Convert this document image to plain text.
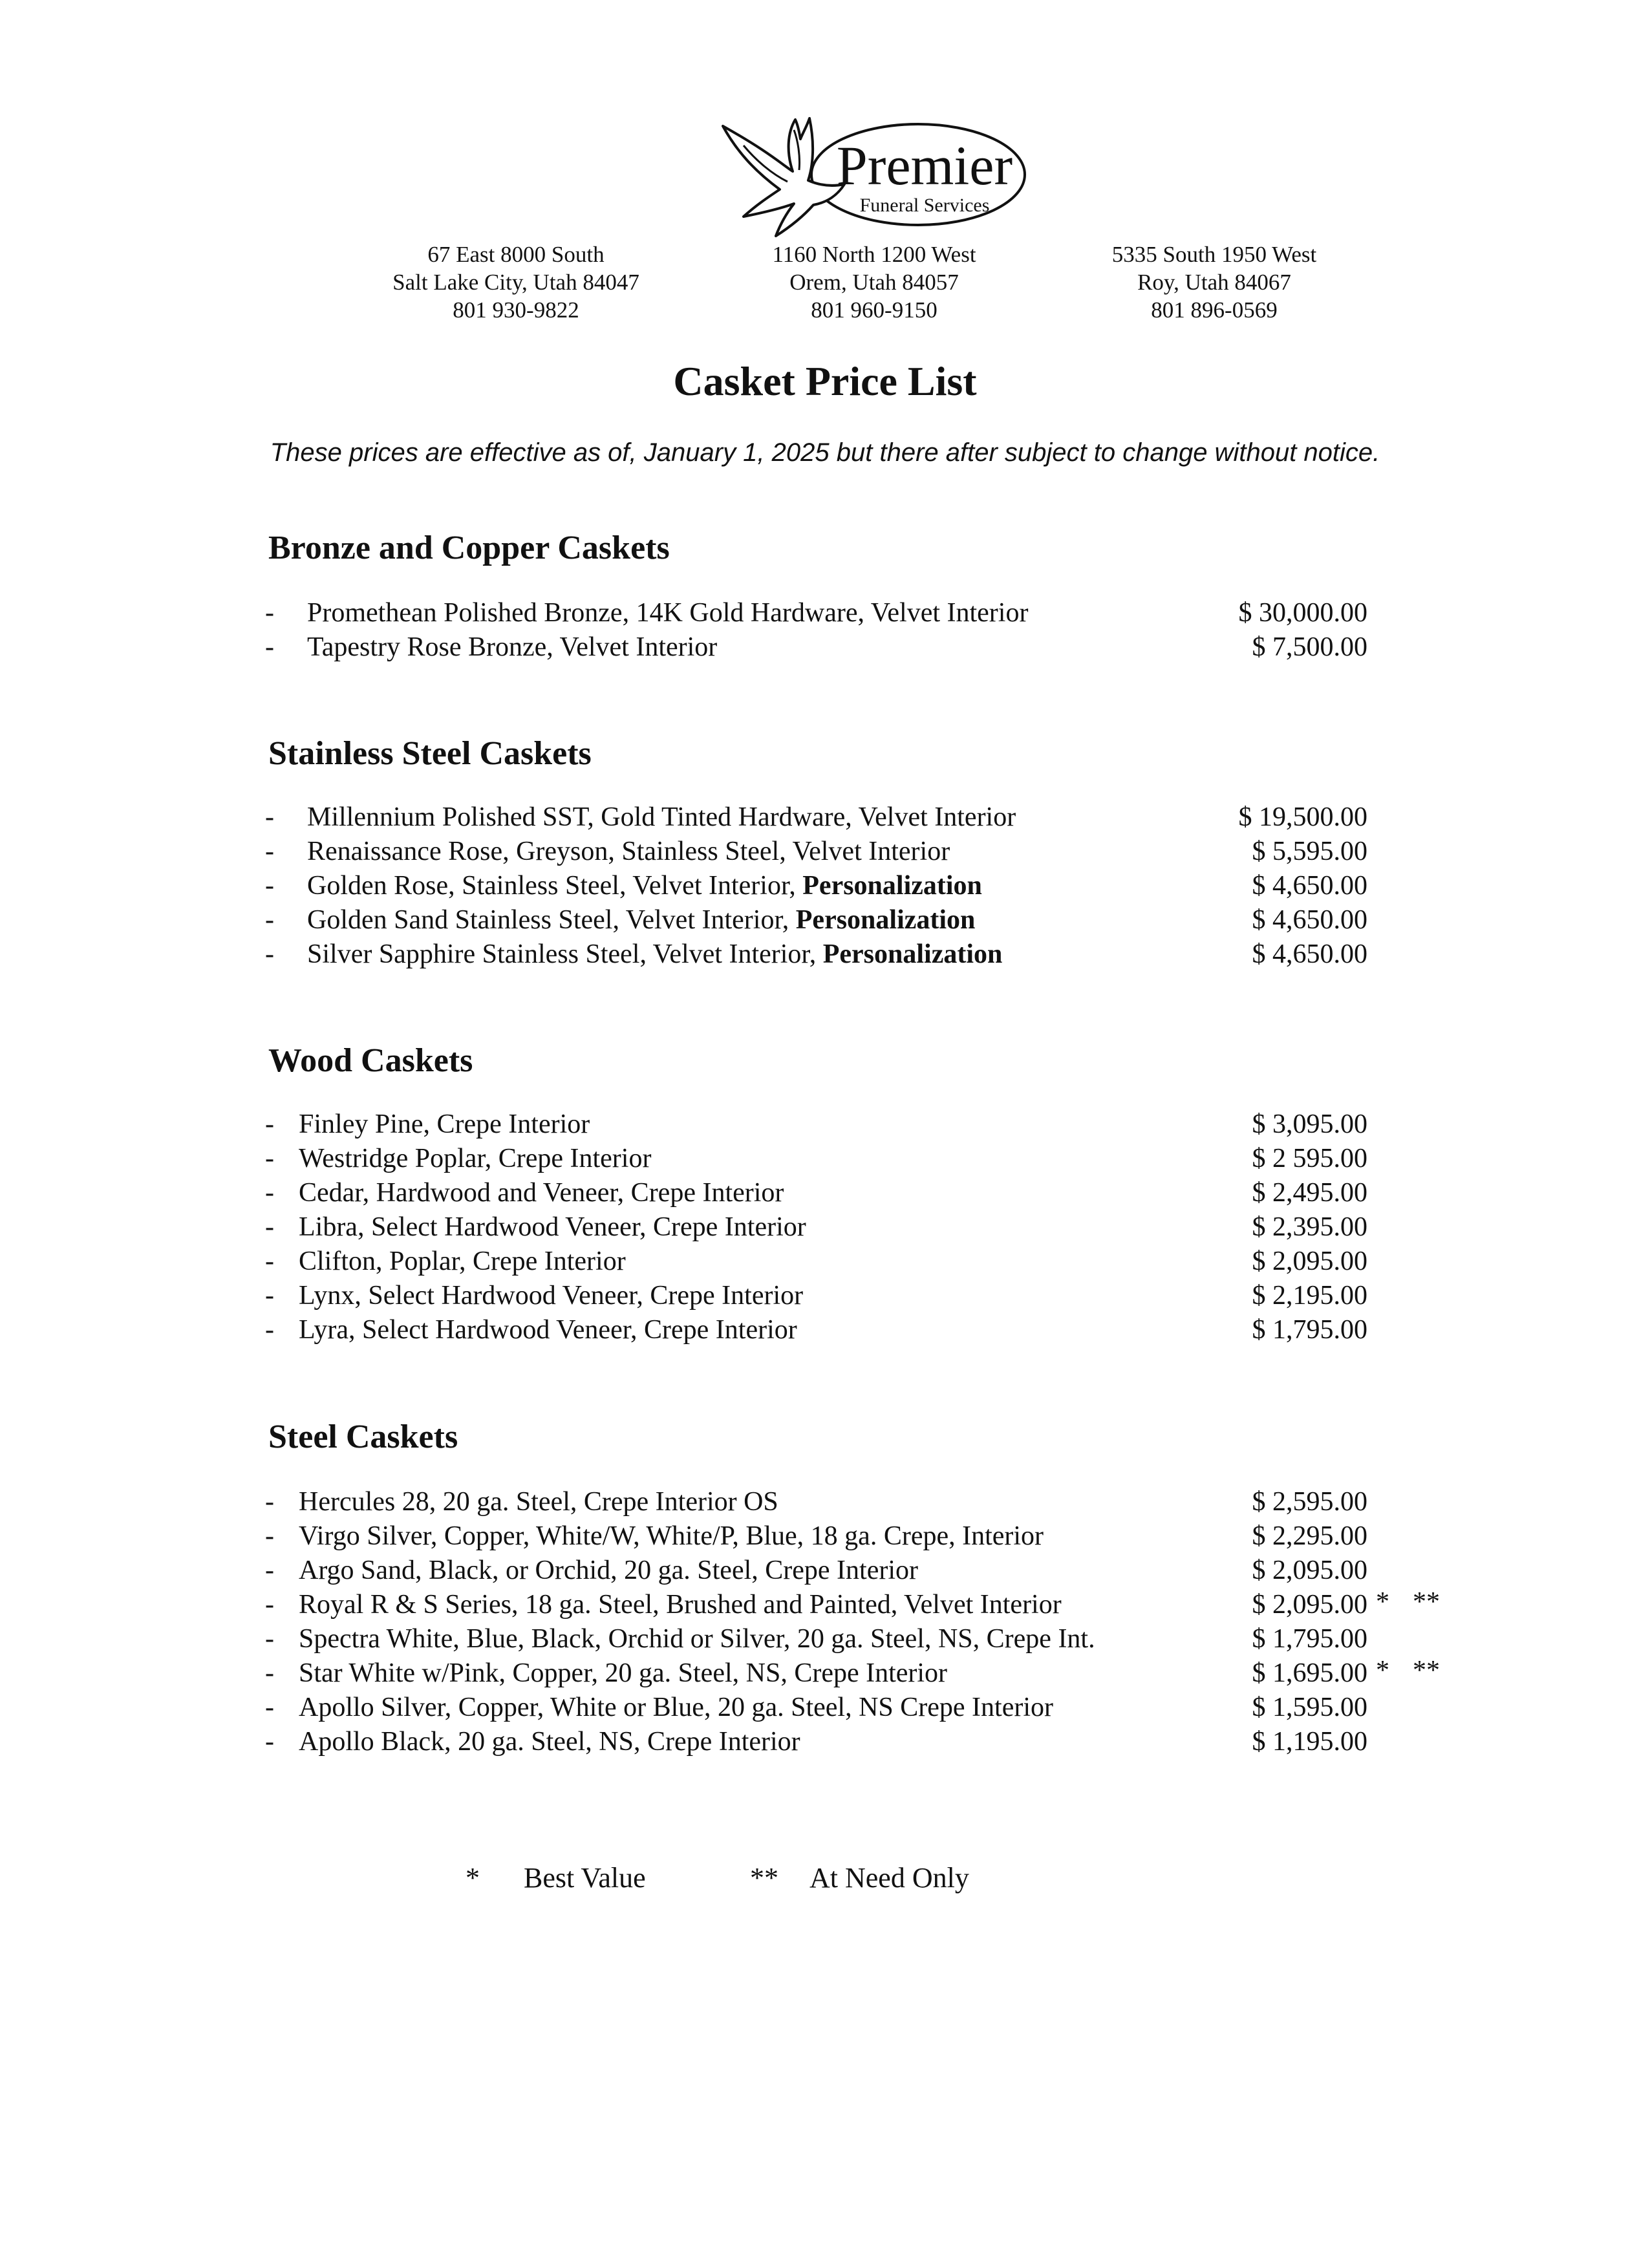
Premier
Funeral Services
67 East 8000 South
Salt Lake City, Utah 84047
801 930-9822
1160 North 1200 West
Orem, Utah 84057
801 960-9150
5335 South 1950 West
Roy, Utah 84067
801 896-0569
Casket Price List
These prices are effective as of, January 1, 2025 but there after subject to change without notice.
Bronze and Copper Caskets
- Promethean Polished Bronze, 14K Gold Hardware, Velvet Interior	$ 30,000.00
- Tapestry Rose Bronze, Velvet Interior	$ 7,500.00
Stainless Steel Caskets
- Millennium Polished SST, Gold Tinted Hardware, Velvet Interior	$ 19,500.00
- Renaissance Rose, Greyson, Stainless Steel, Velvet Interior	$ 5,595.00
- Golden Rose, Stainless Steel, Velvet Interior, Personalization	$ 4,650.00
- Golden Sand Stainless Steel, Velvet Interior, Personalization	$ 4,650.00
- Silver Sapphire Stainless Steel, Velvet Interior, Personalization	$ 4,650.00
Wood Caskets
- Finley Pine, Crepe Interior	$ 3,095.00
- Westridge Poplar, Crepe Interior	$ 2 595.00
- Cedar, Hardwood and Veneer, Crepe Interior	$ 2,495.00
- Libra, Select Hardwood Veneer, Crepe Interior	$ 2,395.00
- Clifton, Poplar, Crepe Interior	$ 2,095.00
- Lynx, Select Hardwood Veneer, Crepe Interior	$ 2,195.00
- Lyra, Select Hardwood Veneer, Crepe Interior	$ 1,795.00
Steel Caskets
- Hercules 28, 20 ga. Steel, Crepe Interior OS	$ 2,595.00
- Virgo Silver, Copper, White/W, White/P, Blue, 18 ga. Crepe, Interior	$ 2,295.00
- Argo Sand, Black, or Orchid, 20 ga. Steel, Crepe Interior	$ 2,095.00
- Royal R & S Series, 18 ga. Steel, Brushed and Painted, Velvet Interior	$ 2,095.00 * **
- Spectra White, Blue, Black, Orchid or Silver, 20 ga. Steel, NS, Crepe Int.	$ 1,795.00
- Star White w/Pink, Copper, 20 ga. Steel, NS, Crepe Interior	$ 1,695.00 * **
- Apollo Silver, Copper, White or Blue, 20 ga. Steel, NS Crepe Interior	$ 1,595.00
- Apollo Black, 20 ga. Steel, NS, Crepe Interior	$ 1,195.00
* Best Value	** At Need Only
